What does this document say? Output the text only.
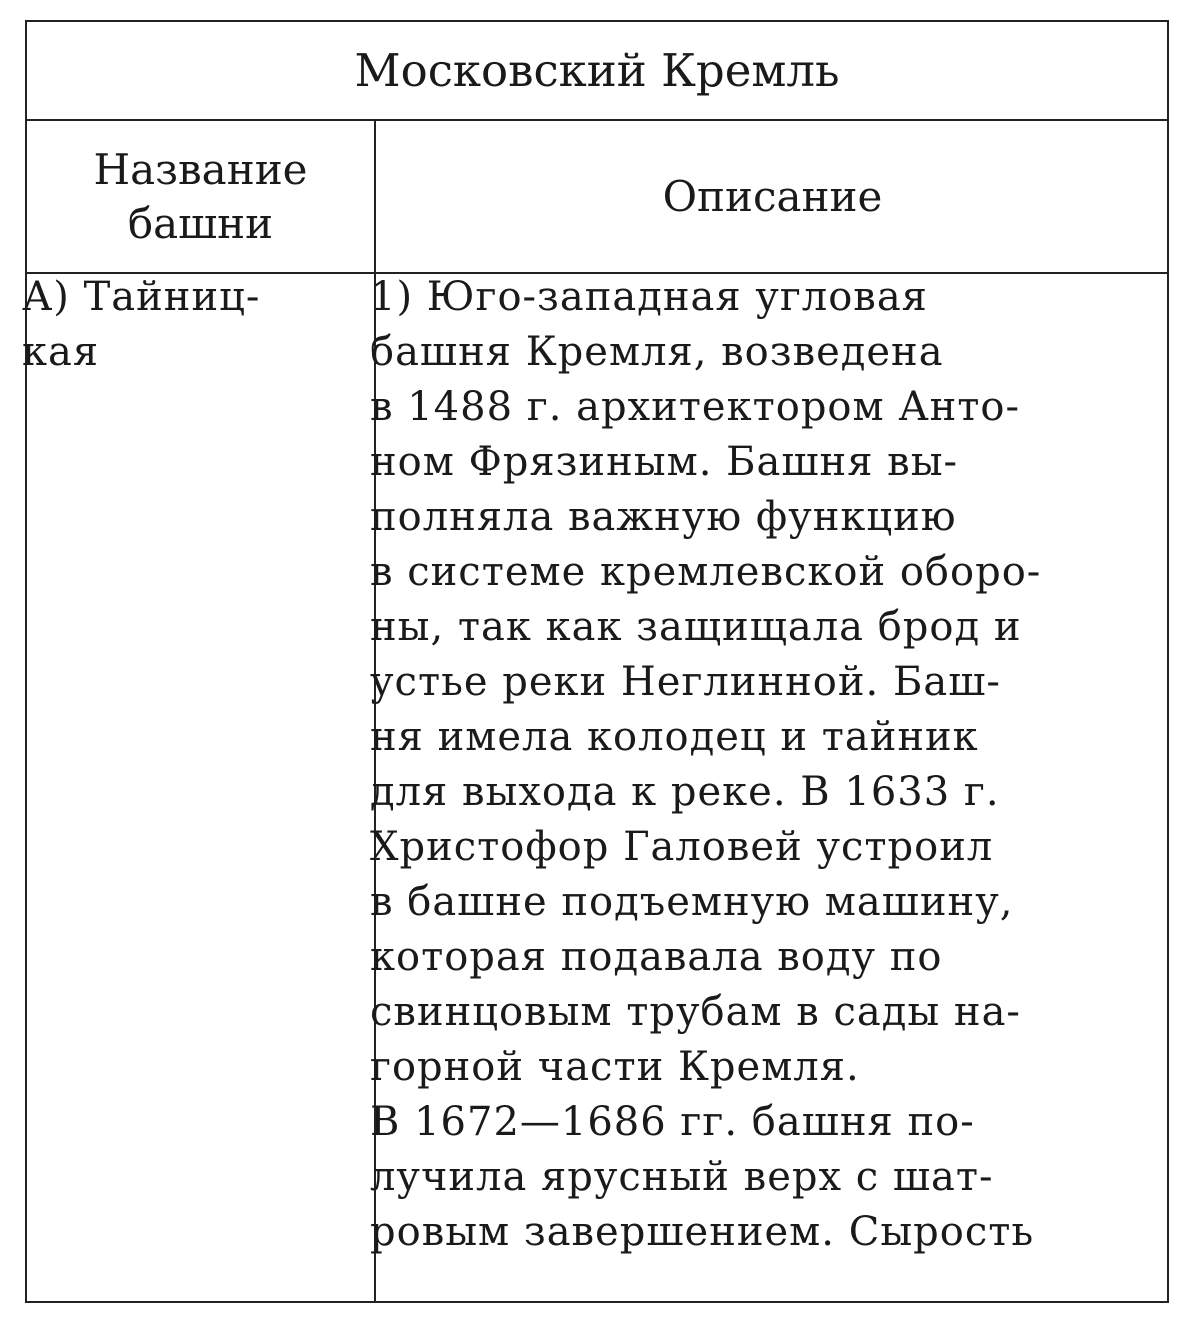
Московский Кремль
Название
башни
Описание
А) Тайниц-
кая
1) Юго-западная угловая
башня Кремля, возведена
в 1488 г. архитектором Анто-
ном Фрязиным. Башня вы-
полняла важную функцию
в системе кремлевской оборо-
ны, так как защищала брод и
устье реки Неглинной. Баш-
ня имела колодец и тайник
для выхода к реке. В 1633 г.
Христофор Галовей устроил
в башне подъемную машину,
которая подавала воду по
свинцовым трубам в сады на-
горной части Кремля.
В 1672—1686 гг. башня по-
лучила ярусный верх с шат-
ровым завершением. Сырость
